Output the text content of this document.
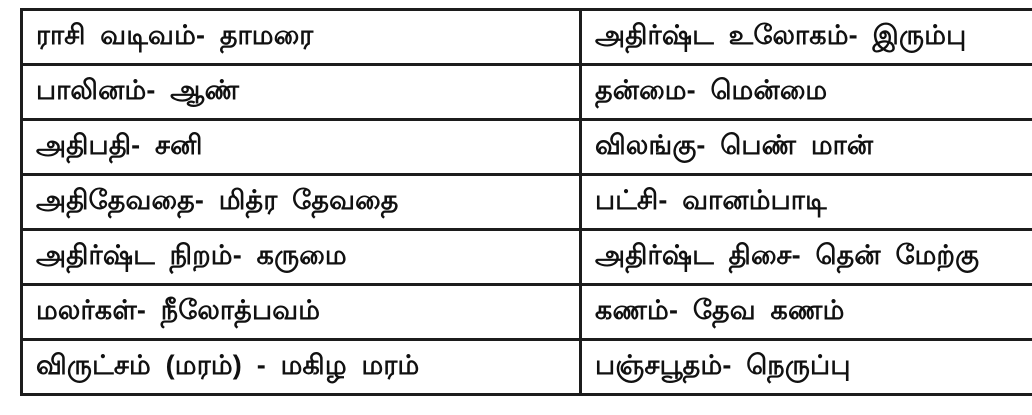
ராசி வடிவம்- தாமரை	அதிர்ஷ்ட உலோகம்- இரும்பு
பாலினம்- ஆண்	தன்மை- மென்மை
அதிபதி- சனி	விலங்கு- பெண் மான்
அதிதேவதை- மித்ர தேவதை	பட்சி- வானம்பாடி
அதிர்ஷ்ட நிறம்- கருமை	அதிர்ஷ்ட திசை- தென் மேற்கு
மலர்கள்- நீலோத்பவம்	கணம்- தேவ கணம்
விருட்சம் (மரம்) - மகிழ மரம்	பஞ்சபூதம்- நெருப்பு
